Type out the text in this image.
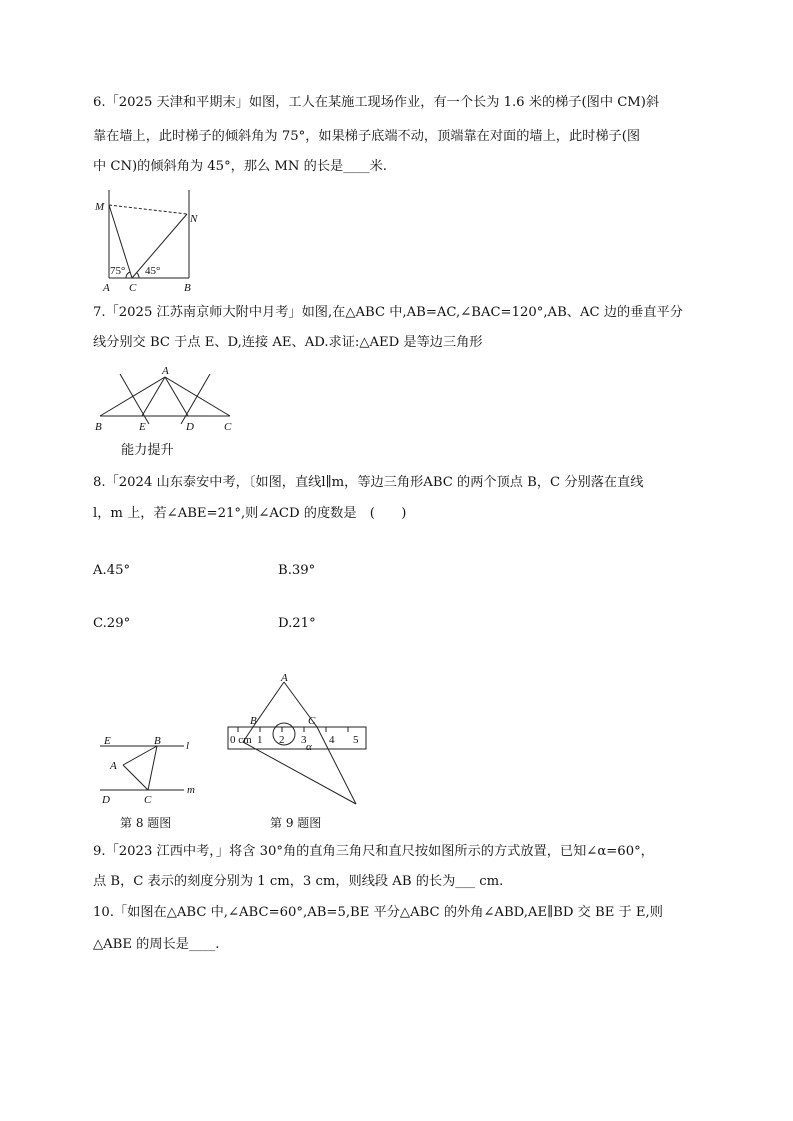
6.「2025 天津和平期末」如图，工人在某施工现场作业，有一个长为 1.6 米的梯子(图中 CM)斜
靠在墙上，此时梯子的倾斜角为 75°，如果梯子底端不动，顶端靠在对面的墙上，此时梯子(图
中 CN)的倾斜角为 45°，那么 MN 的长是____米.
M
N
A C	B
75° 45°
7.「2025 江苏南京师大附中月考」如图,在△ABC 中,AB=AC,∠BAC=120°,AB、AC 边的垂直平分
线分别交 BC 于点 E、D,连接 AE、AD.求证:△AED 是等边三角形
A
B	E	D	C
能力提升
8.「2024 山东泰安中考，〔如图，直线l∥m，等边三角形ABC 的两个顶点 B，C 分别落在直线
l，m 上，若∠ABE=21°,则∠ACD 的度数是　(　　)
A.45°	B.39°
C.29°	D.21°
E	B l
A
D	C
m
第 8 题图
A
B	C
α
0 cm 1 2 3 4 5
第 9 题图
9.「2023 江西中考，」将含 30°角的直角三角尺和直尺按如图所示的方式放置，已知∠α=60°，
点 B，C 表示的刻度分别为 1 cm，3 cm，则线段 AB 的长为___ cm.
10.「如图在△ABC 中,∠ABC=60°,AB=5,BE 平分△ABC 的外角∠ABD,AE∥BD 交 BE 于 E,则
△ABE 的周长是____.
